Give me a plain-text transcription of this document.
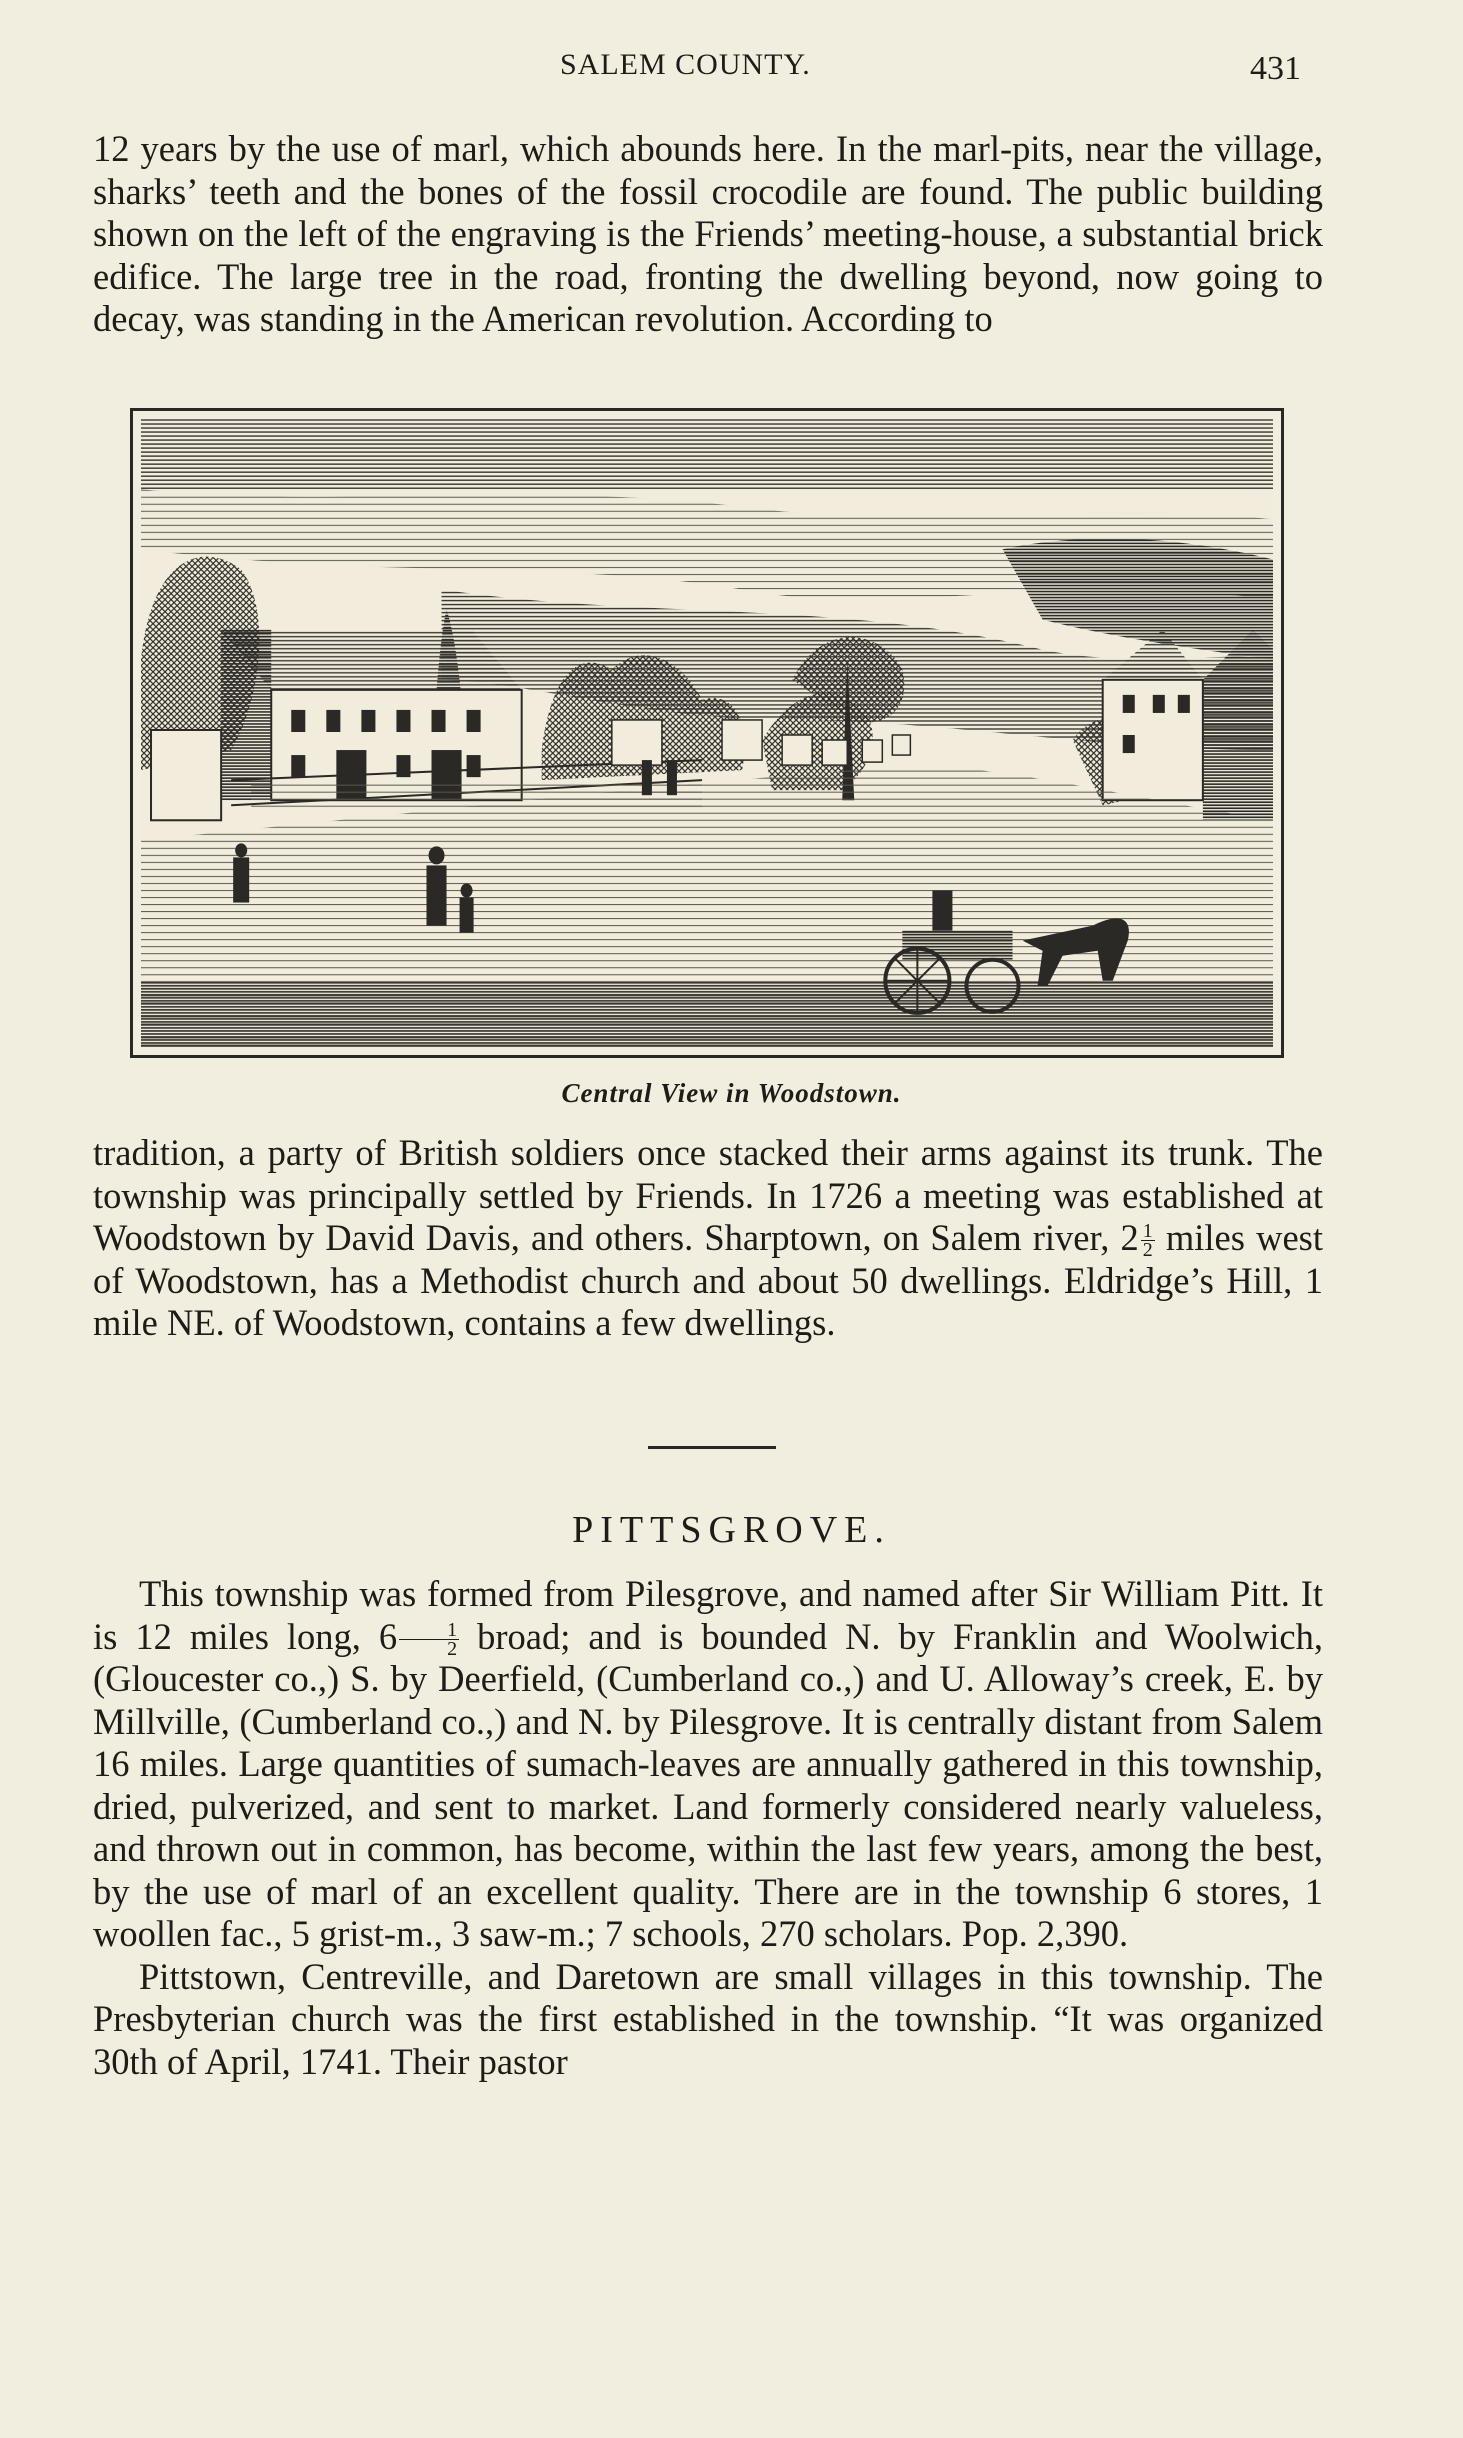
SALEM COUNTY.	431

12 years by the use of marl, which abounds here. In the marl-pits, near the village, sharks’ teeth and the bones of the fossil crocodile are found. The public building shown on the left of the engraving is the Friends’ meeting-house, a substantial brick edifice. The large tree in the road, fronting the dwelling beyond, now going to decay, was standing in the American revolution. According to

Central View in Woodstown.

tradition, a party of British soldiers once stacked their arms against its trunk. The township was principally settled by Friends. In 1726 a meeting was established at Woodstown by David Davis, and others. Sharptown, on Salem river, $2 \frac{1}{2}$ miles west of Woodstown, has a Methodist church and about 50 dwellings. Eldridge’s Hill, 1 mile NE. of Woodstown, contains a few dwellings.

PITTSGROVE.

This township was formed from Pilesgrove, and named after Sir William Pitt. It is 12 miles long, $6 \frac{1}{2}$ broad; and is bounded N. by Franklin and Woolwich, (Gloucester co.,) S. by Deerfield, (Cumberland co.,) and U. Alloway’s creek, E. by Millville, (Cumberland co.,) and N. by Pilesgrove. It is centrally distant from Salem 16 miles. Large quantities of sumach-leaves are annually gathered in this township, dried, pulverized, and sent to market. Land formerly considered nearly valueless, and thrown out in common, has become, within the last few years, among the best, by the use of marl of an excellent quality. There are in the township 6 stores, 1 woollen fac., 5 grist-m., 3 saw-m.; 7 schools, 270 scholars. Pop. 2,390.

Pittstown, Centreville, and Daretown are small villages in this township. The Presbyterian church was the first established in the township. “It was organized 30th of April, 1741. Their pastor
